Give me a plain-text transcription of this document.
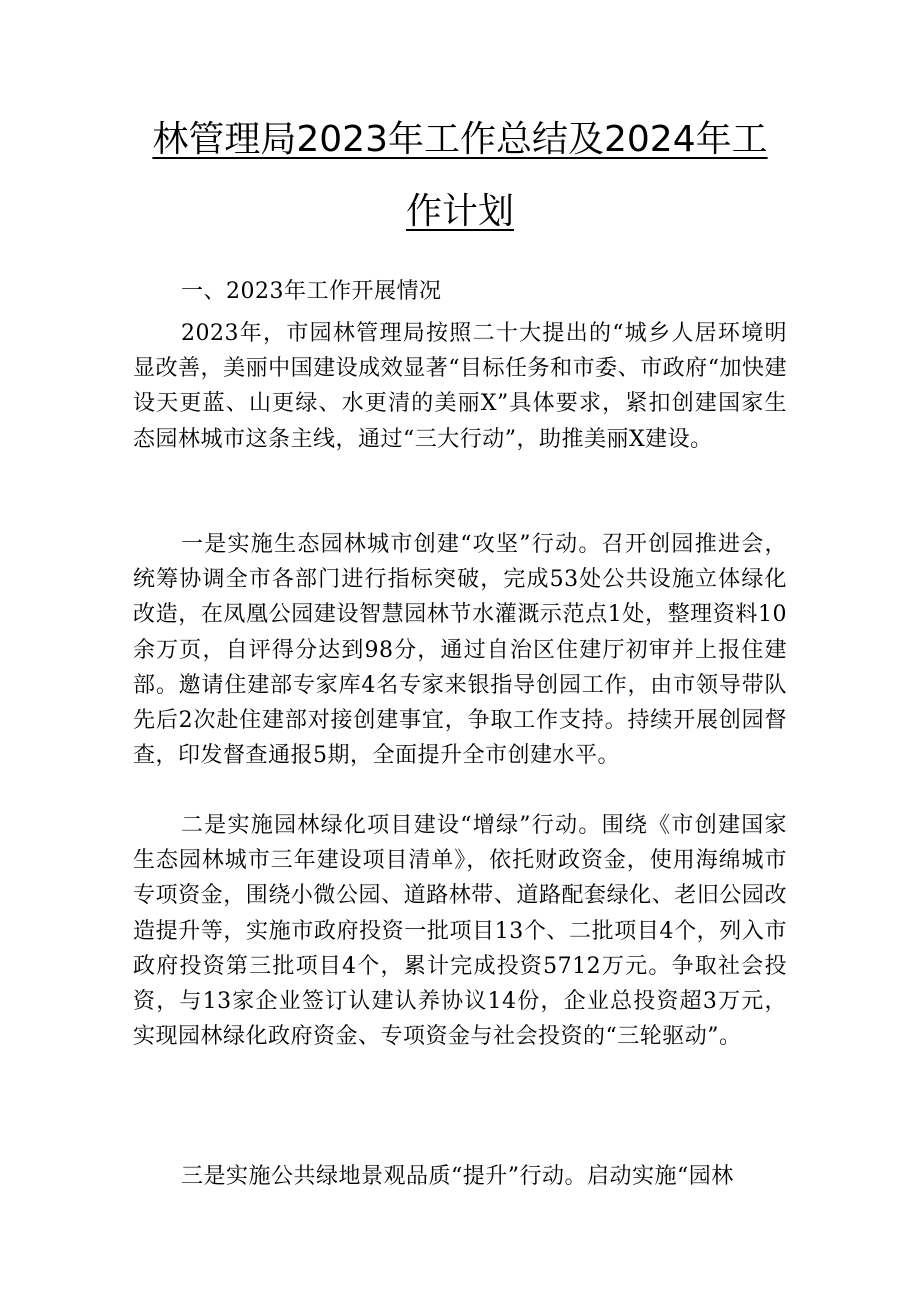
林管理局2023年工作总结及2024年工
作计划

一、2023年工作开展情况

2023年，市园林管理局按照二十大提出的“城乡人居环境明显改善，美丽中国建设成效显著“目标任务和市委、市政府“加快建设天更蓝、山更绿、水更清的美丽X”具体要求，紧扣创建国家生态园林城市这条主线，通过“三大行动”，助推美丽X建设。

一是实施生态园林城市创建“攻坚”行动。召开创园推进会，统筹协调全市各部门进行指标突破，完成53处公共设施立体绿化改造，在凤凰公园建设智慧园林节水灌溉示范点1处，整理资料10余万页，自评得分达到98分，通过自治区住建厅初审并上报住建部。邀请住建部专家库4名专家来银指导创园工作，由市领导带队先后2次赴住建部对接创建事宜，争取工作支持。持续开展创园督查，印发督查通报5期，全面提升全市创建水平。

二是实施园林绿化项目建设“增绿”行动。围绕《市创建国家生态园林城市三年建设项目清单》，依托财政资金，使用海绵城市专项资金，围绕小微公园、道路林带、道路配套绿化、老旧公园改造提升等，实施市政府投资一批项目13个、二批项目4个，列入市政府投资第三批项目4个，累计完成投资5712万元。争取社会投资，与13家企业签订认建认养协议14份，企业总投资超3万元，实现园林绿化政府资金、专项资金与社会投资的“三轮驱动”。

三是实施公共绿地景观品质“提升”行动。启动实施“园林
